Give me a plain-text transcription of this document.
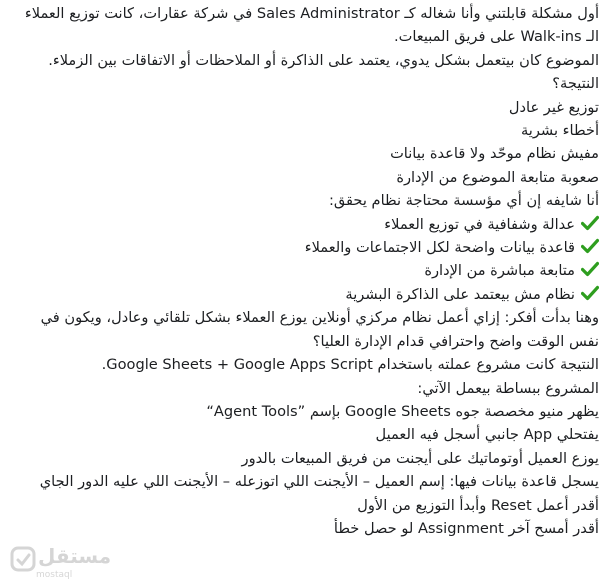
أول مشكلة قابلتني وأنا شغاله كـ Sales Administrator في شركة عقارات، كانت توزيع العملاء الـ Walk-ins على فريق المبيعات.
الموضوع كان بيتعمل بشكل يدوي، يعتمد على الذاكرة أو الملاحظات أو الاتفاقات بين الزملاء. النتيجة؟
توزيع غير عادل
أخطاء بشرية
مفيش نظام موحّد ولا قاعدة بيانات
صعوبة متابعة الموضوع من الإدارة
أنا شايفه إن أي مؤسسة محتاجة نظام يحقق:
عدالة وشفافية في توزيع العملاء
قاعدة بيانات واضحة لكل الاجتماعات والعملاء
متابعة مباشرة من الإدارة
نظام مش بيعتمد على الذاكرة البشرية
وهنا بدأت أفكر: إزاي أعمل نظام مركزي أونلاين يوزع العملاء بشكل تلقائي وعادل، ويكون في نفس الوقت واضح واحترافي قدام الإدارة العليا؟
النتيجة كانت مشروع عملته باستخدام Google Sheets + Google Apps Script.
المشروع ببساطة بيعمل الآتي:
يظهر منيو مخصصة جوه Google Sheets بإسم ”Agent Tools“
يفتحلي App جانبي أسجل فيه العميل
يوزع العميل أوتوماتيك على أيجنت من فريق المبيعات بالدور
يسجل قاعدة بيانات فيها: إسم العميل – الأيجنت اللي اتوزعله – الأيجنت اللي عليه الدور الجاي
أقدر أعمل Reset وأبدأ التوزيع من الأول
أقدر أمسح آخر Assignment لو حصل خطأ
مستقل
mostaql
